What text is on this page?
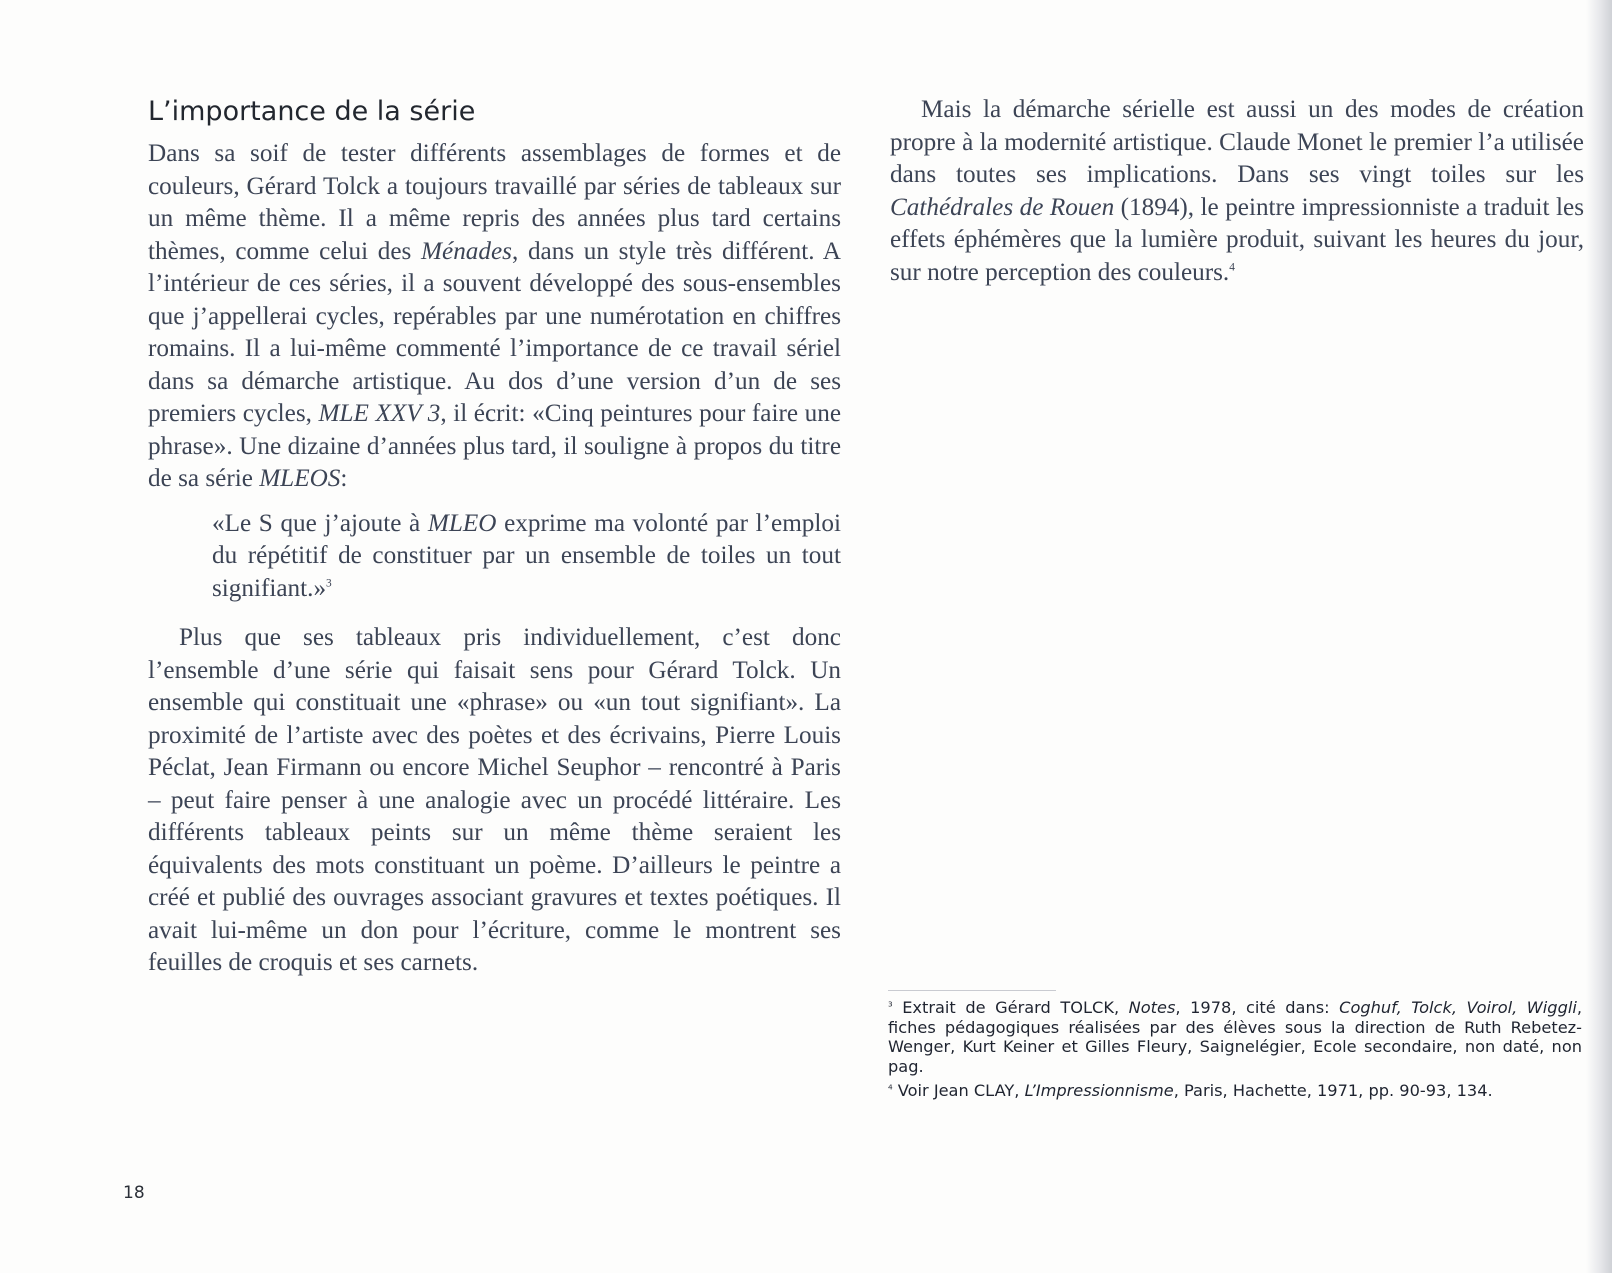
L’importance de la série

Dans sa soif de tester différents assemblages de formes et de couleurs, Gérard Tolck a toujours travaillé par séries de tableaux sur un même thème. Il a même repris des années plus tard certains thèmes, comme celui des Ménades, dans un style très différent. A l’intérieur de ces séries, il a souvent développé des sous-ensembles que j’appellerai cycles, repérables par une numérotation en chiffres romains. Il a lui-même commenté l’importance de ce travail sériel dans sa démarche artistique. Au dos d’une version d’un de ses premiers cycles, MLE XXV 3, il écrit: «Cinq peintures pour faire une phrase». Une dizaine d’années plus tard, il souligne à propos du titre de sa série MLEOS:

«Le S que j’ajoute à MLEO exprime ma volonté par l’emploi du répétitif de constituer par un ensemble de toiles un tout signifiant.»$^3$

Plus que ses tableaux pris individuellement, c’est donc l’ensemble d’une série qui faisait sens pour Gérard Tolck. Un ensemble qui constituait une «phrase» ou «un tout signifiant». La proximité de l’artiste avec des poètes et des écrivains, Pierre Louis Péclat, Jean Firmann ou encore Michel Seuphor – rencontré à Paris – peut faire penser à une analogie avec un procédé littéraire. Les différents tableaux peints sur un même thème seraient les équivalents des mots constituant un poème. D’ailleurs le peintre a créé et publié des ouvrages associant gravures et textes poétiques. Il avait lui-même un don pour l’écriture, comme le montrent ses feuilles de croquis et ses carnets.

Mais la démarche sérielle est aussi un des modes de création propre à la modernité artistique. Claude Monet le premier l’a utilisée dans toutes ses implications. Dans ses vingt toiles sur les Cathédrales de Rouen (1894), le peintre impressionniste a traduit les effets éphémères que la lumière produit, suivant les heures du jour, sur notre perception des couleurs.$^4$

$^3$ Extrait de Gérard TOLCK, Notes, 1978, cité dans: Coghuf, Tolck, Voirol, Wiggli, fiches pédagogiques réalisées par des élèves sous la direction de Ruth Rebetez-Wenger, Kurt Keiner et Gilles Fleury, Saignelégier, Ecole secondaire, non daté, non pag.

$^4$ Voir Jean CLAY, L’Impressionnisme, Paris, Hachette, 1971, pp. 90-93, 134.

18
